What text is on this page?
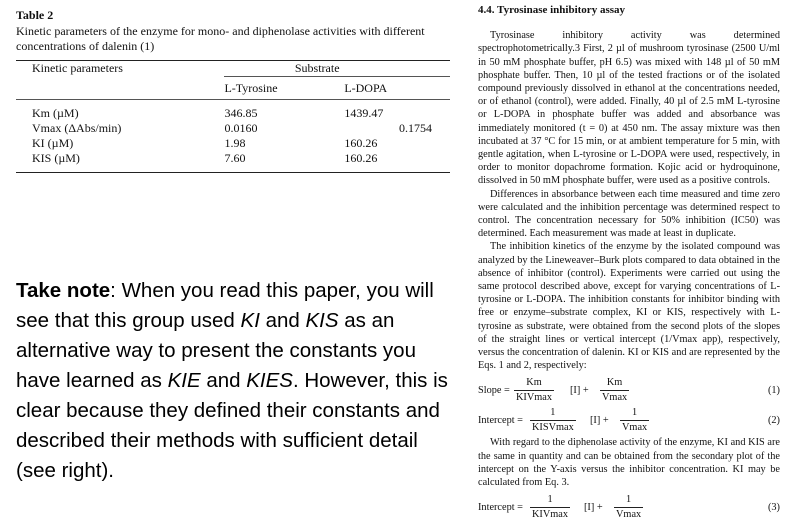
Table 2
Kinetic parameters of the enzyme for mono- and diphenolase activities with different concentrations of dalenin (1)
Kinetic parameters	Substrate	
	L-Tyrosine	L-DOPA

Km (µM)	346.85	1439.47
Vmax (ΔAbs/min)	0.0160	0.1754
KI (µM)	1.98	160.26
KIS (µM)	7.60	160.26

Take note: When you read this paper, you will see that this group used KI and KIS as an alternative way to present the constants you have learned as KIE and KIES. However, this is clear because they defined their constants and described their methods with sufficient detail (see right).
4.4. Tyrosinase inhibitory assay

Tyrosinase inhibitory activity was determined spectrophotometrically.3 First, 2 µl of mushroom tyrosinase (2500 U/ml in 50 mM phosphate buffer, pH 6.5) was mixed with 148 µl of 50 mM phosphate buffer. Then, 10 µl of the tested fractions or of the isolated compound previously dissolved in ethanol at the concentrations needed, or of ethanol (control), were added. Finally, 40 µl of 2.5 mM L-tyrosine or L-DOPA in phosphate buffer was added and absorbance was immediately monitored (t = 0) at 450 nm. The assay mixture was then incubated at 37 °C for 15 min, or at ambient temperature for 5 min, with gentle agitation, when L-tyrosine or L-DOPA were used, respectively, in order to monitor dopachrome formation. Kojic acid or hydroquinone, dissolved in 50 mM phosphate buffer, were used as a positive controls.

Differences in absorbance between each time measured and time zero were calculated and the inhibition percentage was determined respect to control. The concentration necessary for 50% inhibition (IC50) was determined. Each measurement was made at least in duplicate.

The inhibition kinetics of the enzyme by the isolated compound was analyzed by the Lineweaver–Burk plots compared to data obtained in the absence of inhibitor (control). Experiments were carried out using the same protocol described above, except for varying concentrations of L-tyrosine or L-DOPA. The inhibition constants for inhibitor binding with free or enzyme–substrate complex, KI or KIS, respectively with L-tyrosine as substrate, were obtained from the second plots of the slopes of the straight lines or vertical intercept (1/Vmax app), respectively, versus the concentration of dalenin. KI or KIS and are represented by the Eqs. 1 and 2, respectively:

Slope =
Km
KIVmax
[I] +
Km
Vmax
(1)
Intercept =
1
KISVmax
[I] +
1
Vmax
(2)

With regard to the diphenolase activity of the enzyme, KI and KIS are the same in quantity and can be obtained from the secondary plot of the intercept on the Y-axis versus the inhibitor concentration. KI may be calculated from Eq. 3.

Intercept =
1
KIVmax
[I] +
1
Vmax
(3)
